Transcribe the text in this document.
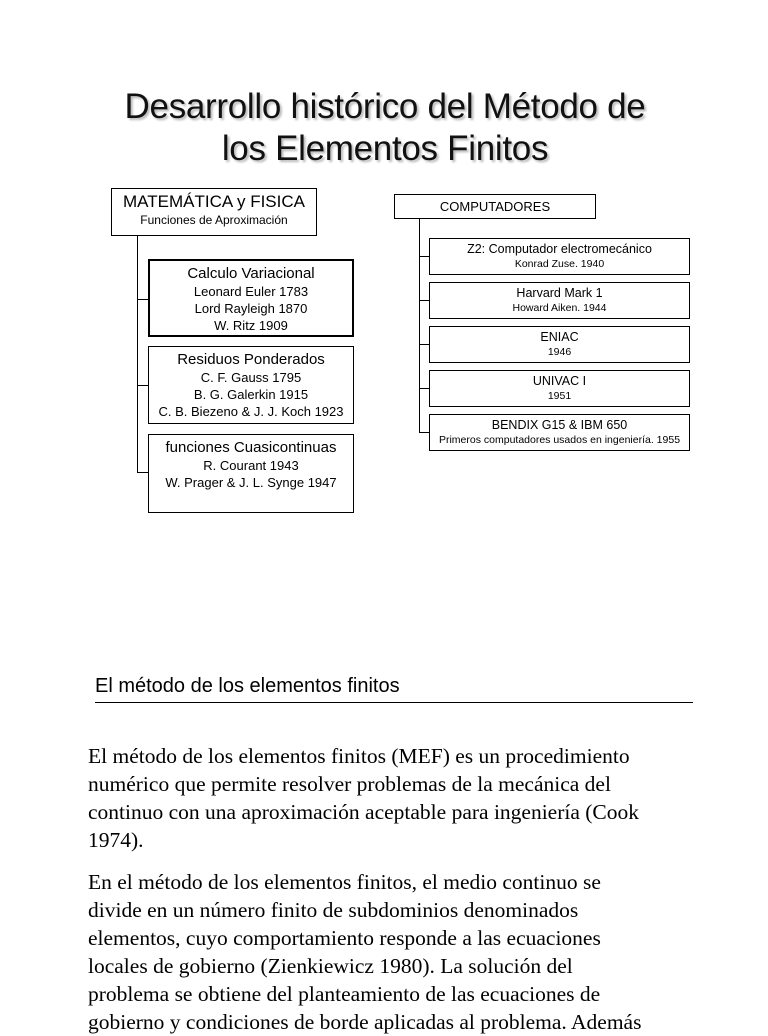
Desarrollo histórico del Método de
los Elementos Finitos
MATEMÁTICA y FISICA
Funciones de Aproximación
Calculo Variacional
Leonard Euler 1783
Lord Rayleigh 1870
W. Ritz 1909
Residuos Ponderados
C. F. Gauss 1795
B. G. Galerkin 1915
C. B. Biezeno & J. J. Koch 1923
funciones Cuasicontinuas
R. Courant 1943
W. Prager & J. L. Synge 1947
COMPUTADORES
Z2: Computador electromecánico
Konrad Zuse. 1940
Harvard Mark 1
Howard Aiken. 1944
ENIAC
1946
UNIVAC I
1951
BENDIX G15 & IBM 650
Primeros computadores usados en ingeniería. 1955
El método de los elementos finitos
El método de los elementos finitos (MEF) es un procedimiento
numérico que permite resolver problemas de la mecánica del
continuo con una aproximación aceptable para ingeniería (Cook
1974).
En el método de los elementos finitos, el medio continuo se
divide en un número finito de subdominios denominados
elementos, cuyo comportamiento responde a las ecuaciones
locales de gobierno (Zienkiewicz 1980). La solución del
problema se obtiene del planteamiento de las ecuaciones de
gobierno y condiciones de borde aplicadas al problema. Además
